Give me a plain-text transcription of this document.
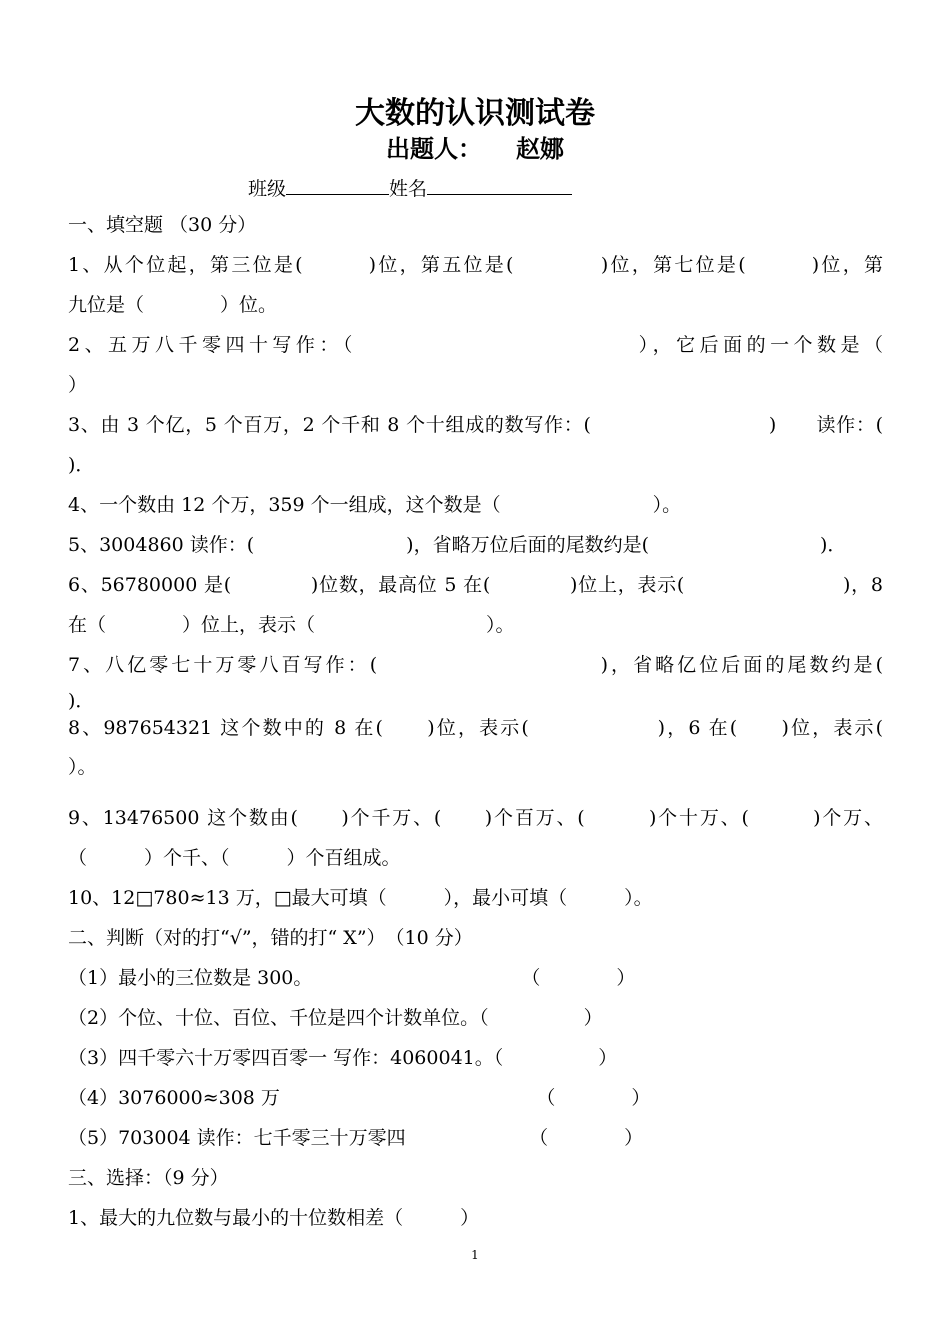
大数的认识测试卷
出题人： 赵娜
班级	姓名
一、填空题 （30 分）
1、从个位起，第三位是(　　　)位，第五位是(　　　　)位，第七位是(　　　)位，第
九位是（　　　　）位。
2、五万八千零四十写作：（　　　　　　　　　　　　），它后面的一个数是（
）
3、由 3 个亿，5 个百万，2 个千和 8 个十组成的数写作：(　　　　　　　　　)　　读作：(
)．
4、一个数由 12 个万，359 个一组成，这个数是（　　　　　　　　）。
5、3004860 读作：(　　　　　　　　)，省略万位后面的尾数约是(　　　　　　　　　)．
6、56780000 是(　　　　)位数，最高位 5 在(　　　　)位上，表示(　　　　　　　　)，8
在（　　　　）位上，表示（　　　　　　　　　）。
7、八亿零七十万零八百写作：(　　　　　　　　　　)，省略亿位后面的尾数约是(
)．
8、987654321 这个数中的 8 在(　　)位，表示(　　　　　　)，6 在(　　)位，表示(
）。
9、13476500 这个数由(　　)个千万、(　　)个百万、(　　　)个十万、(　　　)个万、
（　　　）个千、（　　　）个百组成。
10、12□780≈13 万，□最大可填（　　　），最小可填（　　　）。
二、判断（对的打“√”，错的打“ X”）　（10 分）
（1）最小的三位数是 300。　　　　　　　　　　　　（　　　　）
（2）个位、十位、百位、千位是四个计数单位。（　　　　　）
（3）四千零六十万零四百零一 写作：4060041。（　　　　　）
（4）3076000≈308 万　　　　　　　　　　　　　　（　　　　）
（5）703004 读作：七千零三十万零四　　　　　　　（　　　　）
三、选择：（9 分）
1、最大的九位数与最小的十位数相差（　　　）
1
